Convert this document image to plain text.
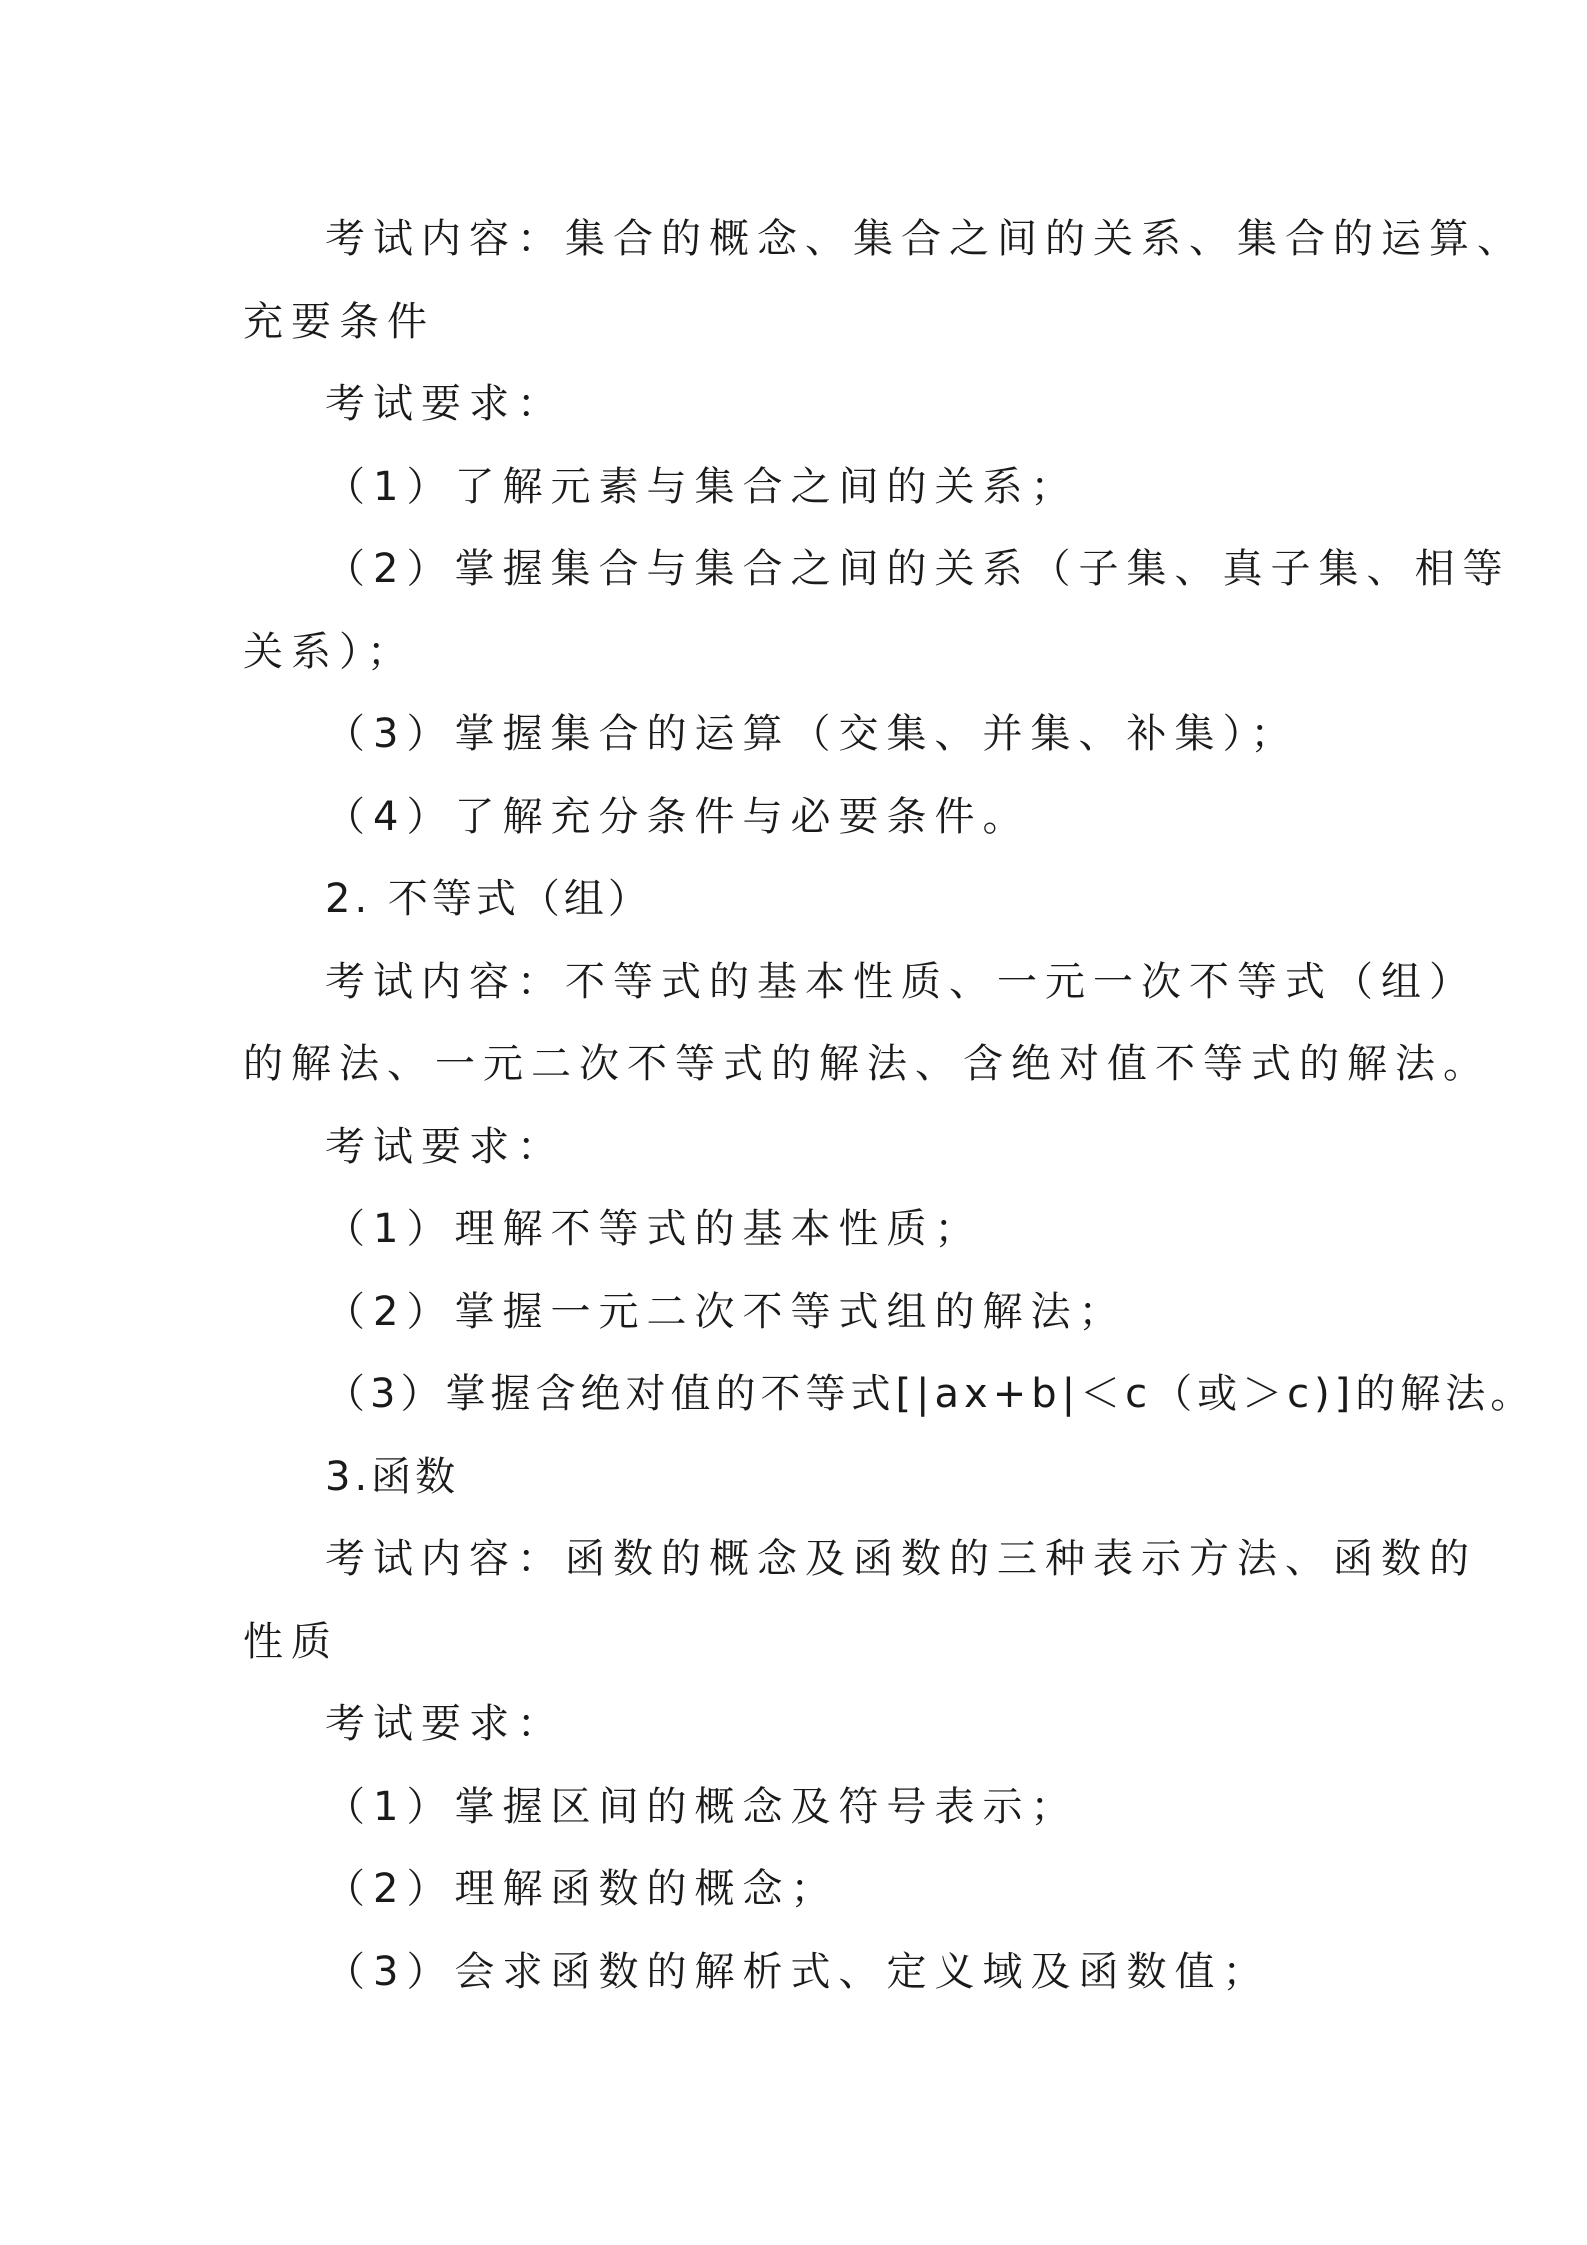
考试内容：集合的概念、集合之间的关系、集合的运算、
充要条件
考试要求：
（1）了解元素与集合之间的关系；
（2）掌握集合与集合之间的关系（子集、真子集、相等
关系）；
（3）掌握集合的运算（交集、并集、补集）；
（4）了解充分条件与必要条件。
2. 不等式（组）
考试内容：不等式的基本性质、一元一次不等式（组）
的解法、一元二次不等式的解法、含绝对值不等式的解法。
考试要求：
（1）理解不等式的基本性质；
（2）掌握一元二次不等式组的解法；
（3）掌握含绝对值的不等式[|ax+b|＜c（或＞c)]的解法。
3.函数
考试内容：函数的概念及函数的三种表示方法、函数的
性质
考试要求：
（1）掌握区间的概念及符号表示；
（2）理解函数的概念；
（3）会求函数的解析式、定义域及函数值；
